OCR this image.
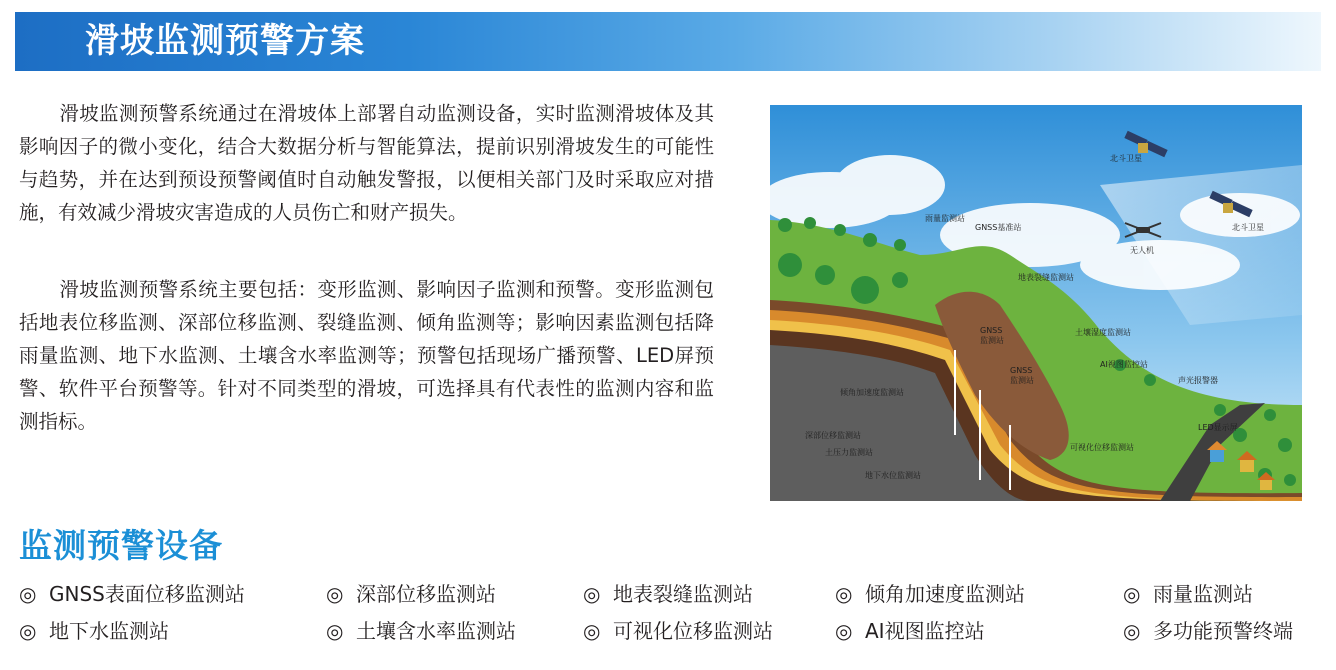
滑坡监测预警方案

滑坡监测预警系统通过在滑坡体上部署自动监测设备，实时监测滑坡体及其影响因子的微小变化，结合大数据分析与智能算法，提前识别滑坡发生的可能性与趋势，并在达到预设预警阈值时自动触发警报，以便相关部门及时采取应对措施，有效减少滑坡灾害造成的人员伤亡和财产损失。

滑坡监测预警系统主要包括：变形监测、影响因子监测和预警。变形监测包括地表位移监测、深部位移监测、裂缝监测、倾角监测等；影响因素监测包括降雨量监测、地下水监测、土壤含水率监测等；预警包括现场广播预警、LED屏预警、软件平台预警等。针对不同类型的滑坡，可选择具有代表性的监测内容和监测指标。

北斗卫星
北斗卫星
无人机
雨量监测站
GNSS基准站
地表裂缝监测站
土壤湿度监测站
GNSS
监测站
GNSS
监测站
AI视图监控站
声光报警器
LED显示屏
倾角加速度监测站
深部位移监测站
土压力监测站
可视化位移监测站
地下水位监测站
监测预警设备
◎ GNSS表面位移监测站	◎ 深部位移监测站	◎ 地表裂缝监测站	◎ 倾角加速度监测站	◎ 雨量监测站
◎ 地下水监测站	◎ 土壤含水率监测站	◎ 可视化位移监测站	◎ AI视图监控站	◎ 多功能预警终端
